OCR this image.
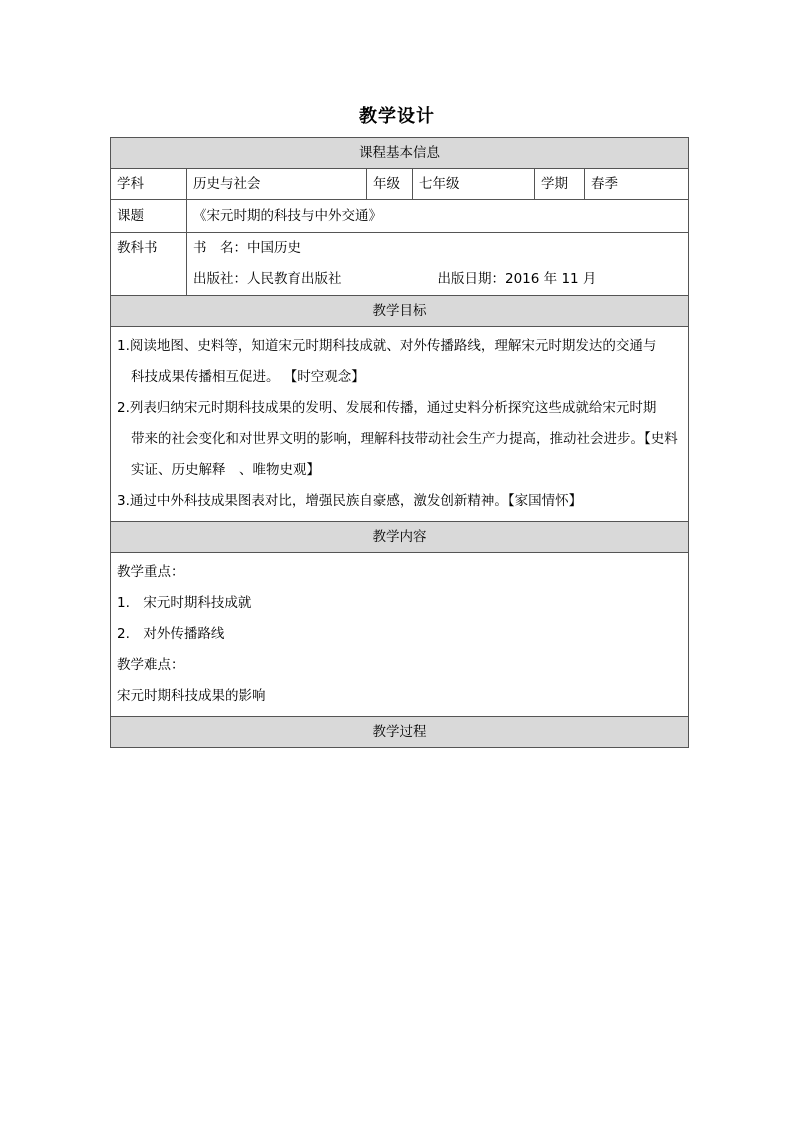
教学设计
课程基本信息					
学科	历史与社会	年级	七年级	学期	春季
课题	《宋元时期的科技与中外交通》				
教科书	书　名：中国历史
出版社：人民教育出版社 出版日期：2016 年 11 月				

教学目标					

1.阅读地图、史料等，知道宋元时期科技成就、对外传播路线，理解宋元时期发达的交通与
科技成果传播相互促进。 【时空观念】
2.列表归纳宋元时期科技成果的发明、发展和传播，通过史料分析探究这些成就给宋元时期
带来的社会变化和对世界文明的影响，理解科技带动社会生产力提高，推动社会进步。【史料实证、历史解释　、唯物史观】
3.通过中外科技成果图表对比，增强民族自豪感，激发创新精神。【家国情怀】					

教学内容					

教学重点：
1.　宋元时期科技成就
2.　对外传播路线
教学难点：
宋元时期科技成果的影响					

教学过程					
